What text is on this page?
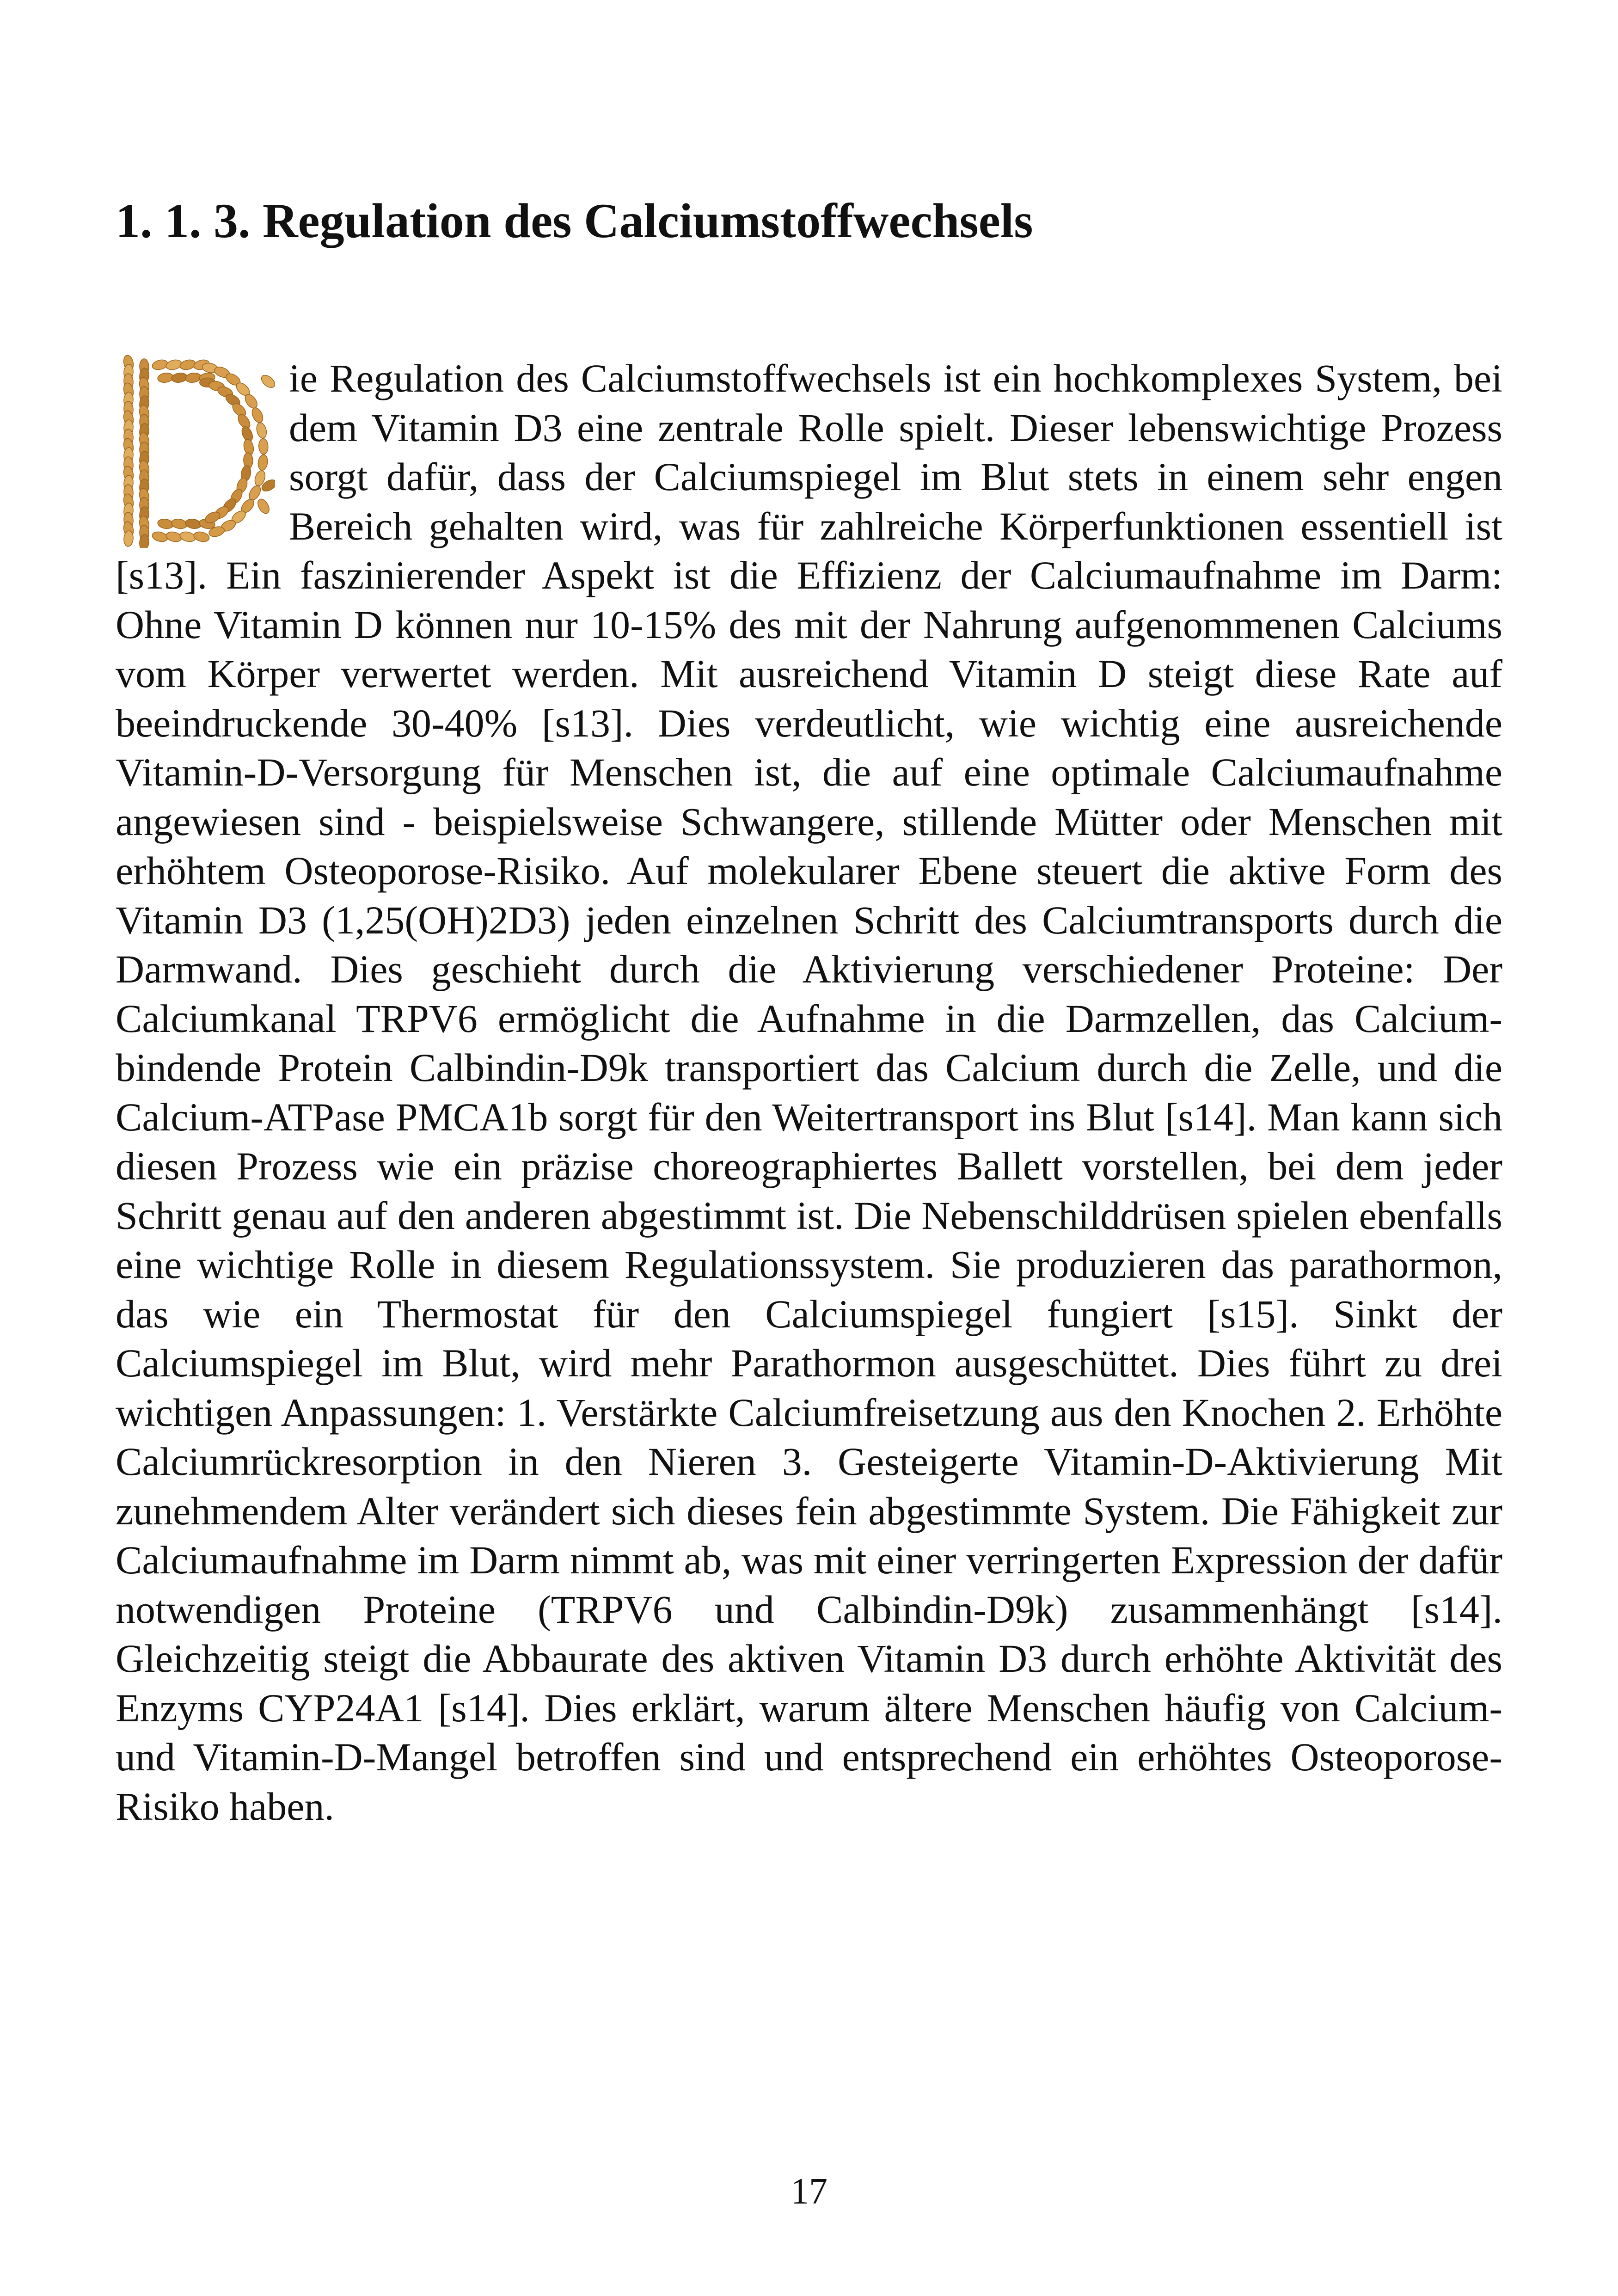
1. 1. 3. Regulation des Calciumstoffwechsels

ie Regulation des Calciumstoffwechsels ist ein hochkomplexes System, bei dem Vitamin D3 eine zentrale Rolle spielt. Dieser lebenswichtige Prozess sorgt dafür, dass der Calciumspiegel im Blut stets in einem sehr engen Bereich gehalten wird, was für zahlreiche Körperfunktionen essentiell ist [s13]. Ein faszinierender Aspekt ist die Effizienz der Calciumaufnahme im Darm: Ohne Vitamin D können nur 10-15% des mit der Nahrung aufgenommenen Calciums vom Körper verwertet werden. Mit ausreichend Vitamin D steigt diese Rate auf beeindruckende 30-40% [s13]. Dies verdeutlicht, wie wichtig eine ausreichende Vitamin-D-Versorgung für Menschen ist, die auf eine optimale Calciumaufnahme angewiesen sind - beispielsweise Schwangere, stillende Mütter oder Menschen mit erhöhtem Osteoporose-Risiko. Auf molekularer Ebene steuert die aktive Form des Vitamin D3 (1,25(OH)2D3) jeden einzelnen Schritt des Calciumtransports durch die Darmwand. Dies geschieht durch die Aktivierung verschiedener Proteine: Der Calciumkanal TRPV6 ermöglicht die Aufnahme in die Darmzellen, das Calcium-bindende Protein Calbindin-D9k transportiert das Calcium durch die Zelle, und die Calcium-ATPase PMCA1b sorgt für den Weitertransport ins Blut [s14]. Man kann sich diesen Prozess wie ein präzise choreographiertes Ballett vorstellen, bei dem jeder Schritt genau auf den anderen abgestimmt ist. Die Nebenschilddrüsen spielen ebenfalls eine wichtige Rolle in diesem Regulationssystem. Sie produzieren das parathormon, das wie ein Thermostat für den Calciumspiegel fungiert [s15]. Sinkt der Calciumspiegel im Blut, wird mehr Parathormon ausgeschüttet. Dies führt zu drei wichtigen Anpassungen: 1. Verstärkte Calciumfreisetzung aus den Knochen 2. Erhöhte Calciumrückresorption in den Nieren 3. Gesteigerte Vitamin-D-Aktivierung Mit zunehmendem Alter verändert sich dieses fein abgestimmte System. Die Fähigkeit zur Calciumaufnahme im Darm nimmt ab, was mit einer verringerten Expression der dafür notwendigen Proteine (TRPV6 und Calbindin-D9k) zusammenhängt [s14]. Gleichzeitig steigt die Abbaurate des aktiven Vitamin D3 durch erhöhte Aktivität des Enzyms CYP24A1 [s14]. Dies erklärt, warum ältere Menschen häufig von Calcium- und Vitamin-D-Mangel betroffen sind und entsprechend ein erhöhtes Osteoporose-Risiko haben.

17
